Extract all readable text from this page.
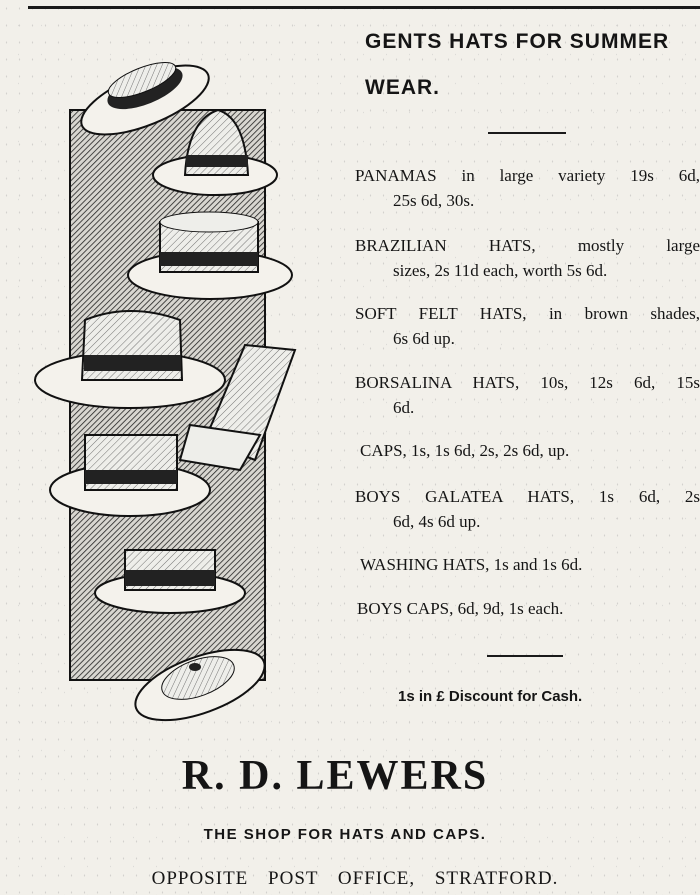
GENTS HATS FOR SUMMER
WEAR.
PANAMAS in large variety 19s 6d,
25s 6d, 30s.
BRAZILIAN HATS, mostly large
sizes, 2s 11d each, worth 5s 6d.
SOFT FELT HATS, in brown shades,
6s 6d up.
BORSALINA HATS, 10s, 12s 6d, 15s
6d.
CAPS, 1s, 1s 6d, 2s, 2s 6d, up.
BOYS GALATEA HATS, 1s 6d, 2s
6d, 4s 6d up.
WASHING HATS, 1s and 1s 6d.
BOYS CAPS, 6d, 9d, 1s each.
1s in £ Discount for Cash.
R. D. LEWERS
THE SHOP FOR HATS AND CAPS.
OPPOSITE POST OFFICE, STRATFORD.
